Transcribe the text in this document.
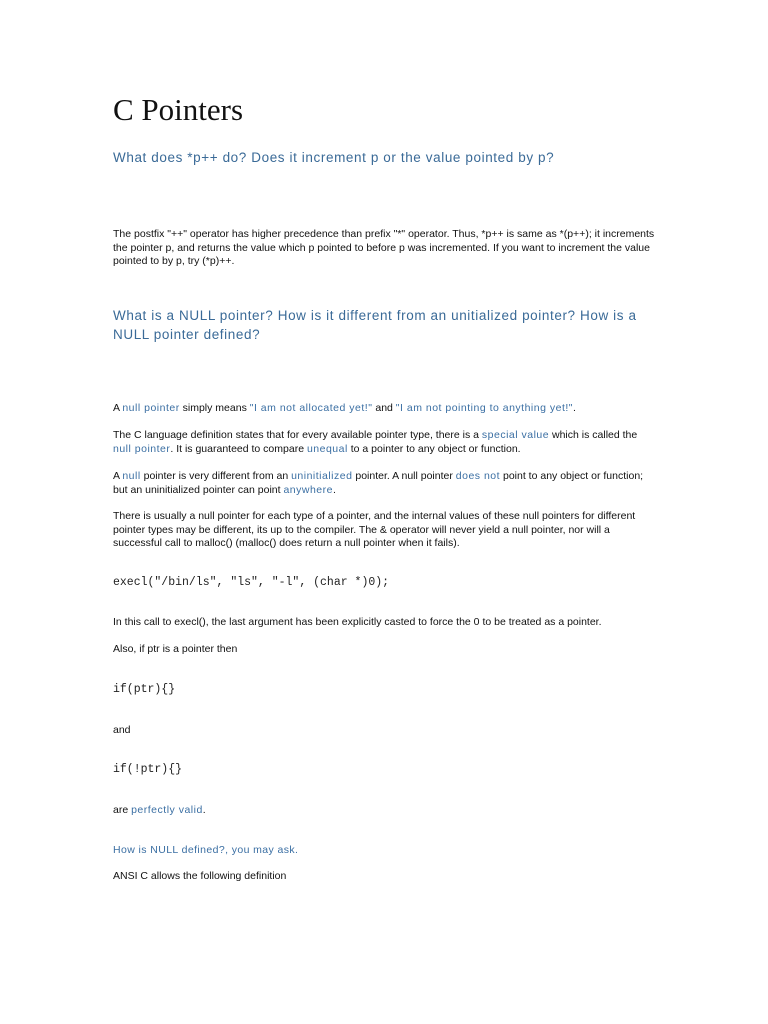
C Pointers
What does *p++ do? Does it increment p or the value pointed by p?

The postfix "++" operator has higher precedence than prefix "*" operator. Thus, *p++ is same as *(p++); it increments the pointer p, and returns the value which p pointed to before p was incremented. If you want to increment the value pointed to by p, try (*p)++.

What is a NULL pointer? How is it different from an unitialized pointer? How is a NULL pointer defined?

A null pointer simply means "I am not allocated yet!" and "I am not pointing to anything yet!".

The C language definition states that for every available pointer type, there is a special value which is called the null pointer. It is guaranteed to compare unequal to a pointer to any object or function.

A null pointer is very different from an uninitialized pointer. A null pointer does not point to any object or function; but an uninitialized pointer can point anywhere.

There is usually a null pointer for each type of a pointer, and the internal values of these null pointers for different pointer types may be different, its up to the compiler. The & operator will never yield a null pointer, nor will a successful call to malloc() (malloc() does return a null pointer when it fails).

execl("/bin/ls", "ls", "-l", (char *)0);

In this call to execl(), the last argument has been explicitly casted to force the 0 to be treated as a pointer.

Also, if ptr is a pointer then

if(ptr){}

and

if(!ptr){}

are perfectly valid.

How is NULL defined?, you may ask.

ANSI C allows the following definition
